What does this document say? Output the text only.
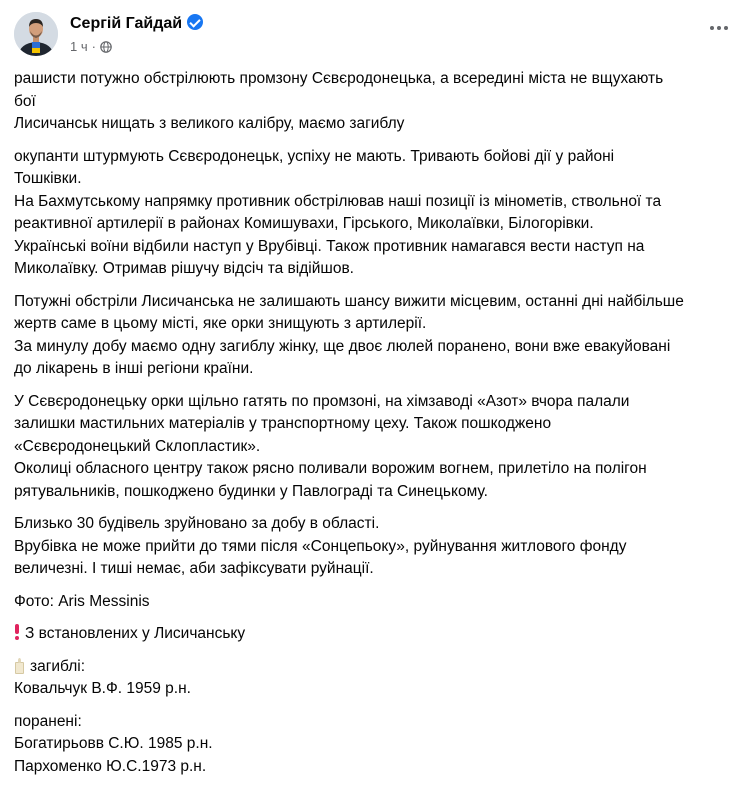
Сергій Гайдай
1 ч ·
рашисти потужно обстрілюють промзону Сєвєродонецька, а всередині міста не вщухають
бої
Лисичанськ нищать з великого калібру, маємо загиблу
окупанти штурмують Сєвєродонецьк, успіху не мають. Тривають бойові дії у районі
Тошківки.
На Бахмутському напрямку противник обстрілював наші позиції із мінометів, ствольної та
реактивної артилерії в районах Комишувахи, Гірського, Миколаївки, Білогорівки.
Українські воїни відбили наступ у Врубівці. Також противник намагався вести наступ на
Миколаївку. Отримав рішучу відсіч та відійшов.
Потужні обстріли Лисичанська не залишають шансу вижити місцевим, останні дні найбільше
жертв саме в цьому місті, яке орки знищують з артилерії.
За минулу добу маємо одну загиблу жінку, ще двоє люлей поранено, вони вже евакуйовані
до лікарень в інші регіони країни.
У Сєвєродонецьку орки щільно гатять по промзоні, на хімзаводі «Азот» вчора палали
залишки мастильних матеріалів у транспортному цеху. Також пошкоджено
«Сєвєродонецький Склопластик».
Околиці обласного центру також рясно поливали ворожим вогнем, прилетіло на полігон
рятувальників, пошкоджено будинки у Павлограді та Синецькому.
Близько 30 будівель зруйновано за добу в області.
Врубівка не може прийти до тями після «Сонцепьоку», руйнування житлового фонду
величезні. І тиші немає, аби зафіксувати руйнації.
Фото: Aris Messinis
З встановлених у Лисичанську
загиблі:
Ковальчук В.Ф. 1959 р.н.
поранені:
Богатирьовв С.Ю. 1985 р.н.
Пархоменко Ю.С.1973 р.н.
